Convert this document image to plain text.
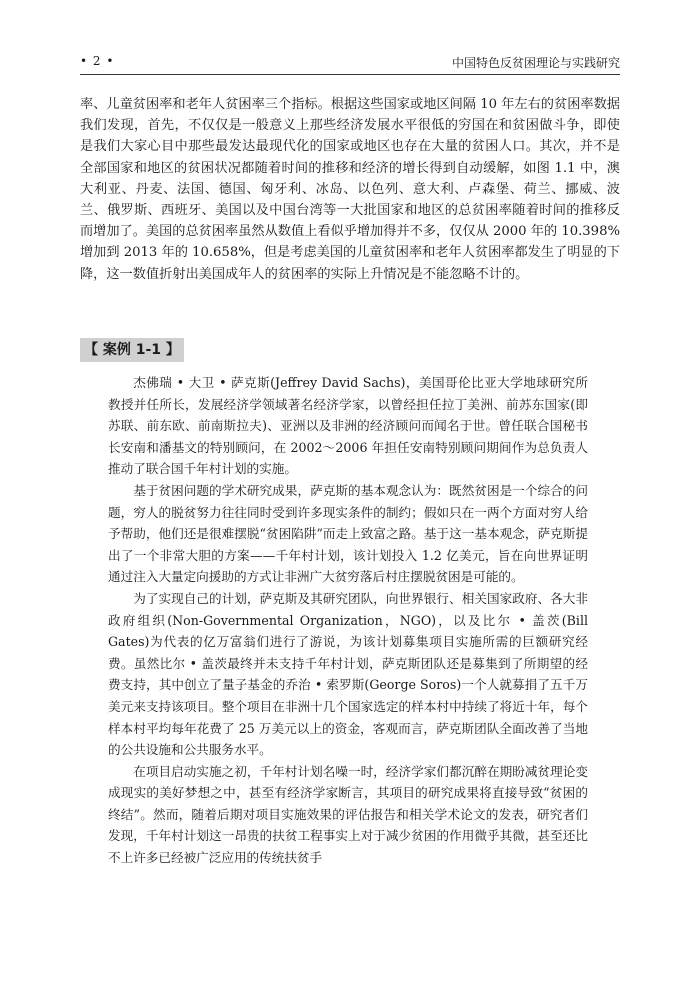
• 2 •	中国特色反贫困理论与实践研究
率、儿童贫困率和老年人贫困率三个指标。根据这些国家或地区间隔 10 年左右的贫困率数据我们发现，首先，不仅仅是一般意义上那些经济发展水平很低的穷国在和贫困做斗争，即使是我们大家心目中那些最发达最现代化的国家或地区也存在大量的贫困人口。其次，并不是全部国家和地区的贫困状况都随着时间的推移和经济的增长得到自动缓解，如图 1.1 中，澳大利亚、丹麦、法国、德国、匈牙利、冰岛、以色列、意大利、卢森堡、荷兰、挪威、波兰、俄罗斯、西班牙、美国以及中国台湾等一大批国家和地区的总贫困率随着时间的推移反而增加了。美国的总贫困率虽然从数值上看似乎增加得并不多，仅仅从 2000 年的 10.398%增加到 2013 年的 10.658%，但是考虑美国的儿童贫困率和老年人贫困率都发生了明显的下降，这一数值折射出美国成年人的贫困率的实际上升情况是不能忽略不计的。
【 案例 1-1 】

杰佛瑞 • 大卫 • 萨克斯(Jeffrey David Sachs)，美国哥伦比亚大学地球研究所教授并任所长，发展经济学领域著名经济学家，以曾经担任拉丁美洲、前苏东国家(即苏联、前东欧、前南斯拉夫)、亚洲以及非洲的经济顾问而闻名于世。曾任联合国秘书长安南和潘基文的特别顾问，在 2002～2006 年担任安南特别顾问期间作为总负责人推动了联合国千年村计划的实施。

基于贫困问题的学术研究成果，萨克斯的基本观念认为：既然贫困是一个综合的问题，穷人的脱贫努力往往同时受到许多现实条件的制约；假如只在一两个方面对穷人给予帮助，他们还是很难摆脱“贫困陷阱”而走上致富之路。基于这一基本观念，萨克斯提出了一个非常大胆的方案——千年村计划，该计划投入 1.2 亿美元，旨在向世界证明通过注入大量定向援助的方式让非洲广大贫穷落后村庄摆脱贫困是可能的。

为了实现自己的计划，萨克斯及其研究团队，向世界银行、相关国家政府、各大非政府组织(Non-Governmental Organization，NGO)，以及比尔 • 盖茨(Bill Gates)为代表的亿万富翁们进行了游说，为该计划募集项目实施所需的巨额研究经费。虽然比尔 • 盖茨最终并未支持千年村计划，萨克斯团队还是募集到了所期望的经费支持，其中创立了量子基金的乔治 • 索罗斯(George Soros)一个人就募捐了五千万美元来支持该项目。整个项目在非洲十几个国家选定的样本村中持续了将近十年，每个样本村平均每年花费了 25 万美元以上的资金，客观而言，萨克斯团队全面改善了当地的公共设施和公共服务水平。

在项目启动实施之初，千年村计划名噪一时，经济学家们都沉醉在期盼减贫理论变成现实的美好梦想之中，甚至有经济学家断言，其项目的研究成果将直接导致“贫困的终结”。然而，随着后期对项目实施效果的评估报告和相关学术论文的发表，研究者们发现，千年村计划这一昂贵的扶贫工程事实上对于减少贫困的作用微乎其微，甚至还比不上许多已经被广泛应用的传统扶贫手
